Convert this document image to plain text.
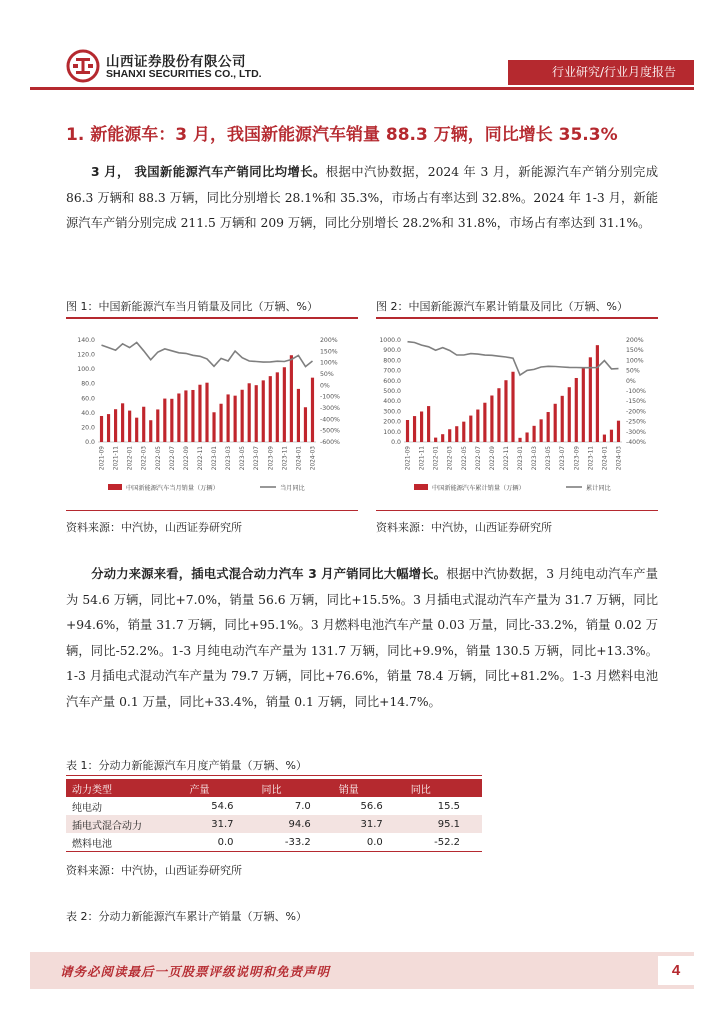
山西证券股份有限公司
SHANXI SECURITIES CO., LTD.	行业研究/行业月度报告
1. 新能源车：3 月，我国新能源汽车销量 88.3 万辆，同比增长 35.3%
3 月， 我国新能源汽车产销同比均增长。根据中汽协数据，2024 年 3 月，新能源汽车产销分别完成 86.3 万辆和 88.3 万辆，同比分别增长 28.1%和 35.3%，市场占有率达到 32.8%。2024 年 1-3 月，新能源汽车产销分别完成 211.5 万辆和 209 万辆，同比分别增长 28.2%和 31.8%，市场占有率达到 31.1%。
图 1：中国新能源汽车当月销量及同比（万辆、%）
140.0
120.0
100.0
80.0
60.0
40.0
20.0
0.0
200%
150%
100%
50%
0%
-100%
-300%
-400%
-500%
-600%
2021-09 2021-11 2022-01 2022-03 2022-05 2022-07 2022-09 2022-11 2023-01 2023-03 2023-05 2023-07 2023-09 2023-11 2024-01 2024-03
中国新能源汽车当月销量（万辆）	当月同比
资料来源：中汽协，山西证券研究所
图 2：中国新能源汽车累计销量及同比（万辆、%）
1000.0
900.0
800.0
700.0
600.0
500.0
400.0
300.0
200.0
100.0
0.0
200%
150%
100%
50%
0%
-100%
-150%
-200%
-250%
-300%
-400%
2021-09 2021-11 2022-01 2022-03 2022-05 2022-07 2022-09 2022-11 2023-01 2023-03 2023-05 2023-07 2023-09 2023-11 2024-01 2024-03
中国新能源汽车累计销量（万辆）	累计同比
资料来源：中汽协，山西证券研究所
分动力来源来看，插电式混合动力汽车 3 月产销同比大幅增长。根据中汽协数据，3 月纯电动汽车产量为 54.6 万辆，同比+7.0%，销量 56.6 万辆，同比+15.5%。3 月插电式混动汽车产量为 31.7 万辆，同比+94.6%，销量 31.7 万辆，同比+95.1%。3 月燃料电池汽车产量 0.03 万量，同比-33.2%，销量 0.02 万辆，同比-52.2%。1-3 月纯电动汽车产量为 131.7 万辆，同比+9.9%，销量 130.5 万辆，同比+13.3%。1-3 月插电式混动汽车产量为 79.7 万辆，同比+76.6%，销量 78.4 万辆，同比+81.2%。1-3 月燃料电池汽车产量 0.1 万量，同比+33.4%，销量 0.1 万辆，同比+14.7%。
表 1：分动力新能源汽车月度产销量（万辆、%）
动力类型	产量	同比	销量	同比
纯电动	54.6	7.0	56.6	15.5
插电式混合动力	31.7	94.6	31.7	95.1
燃料电池	0.0	-33.2	0.0	-52.2
资料来源：中汽协，山西证券研究所
表 2：分动力新能源汽车累计产销量（万辆、%）
请务必阅读最后一页股票评级说明和免责声明	4
